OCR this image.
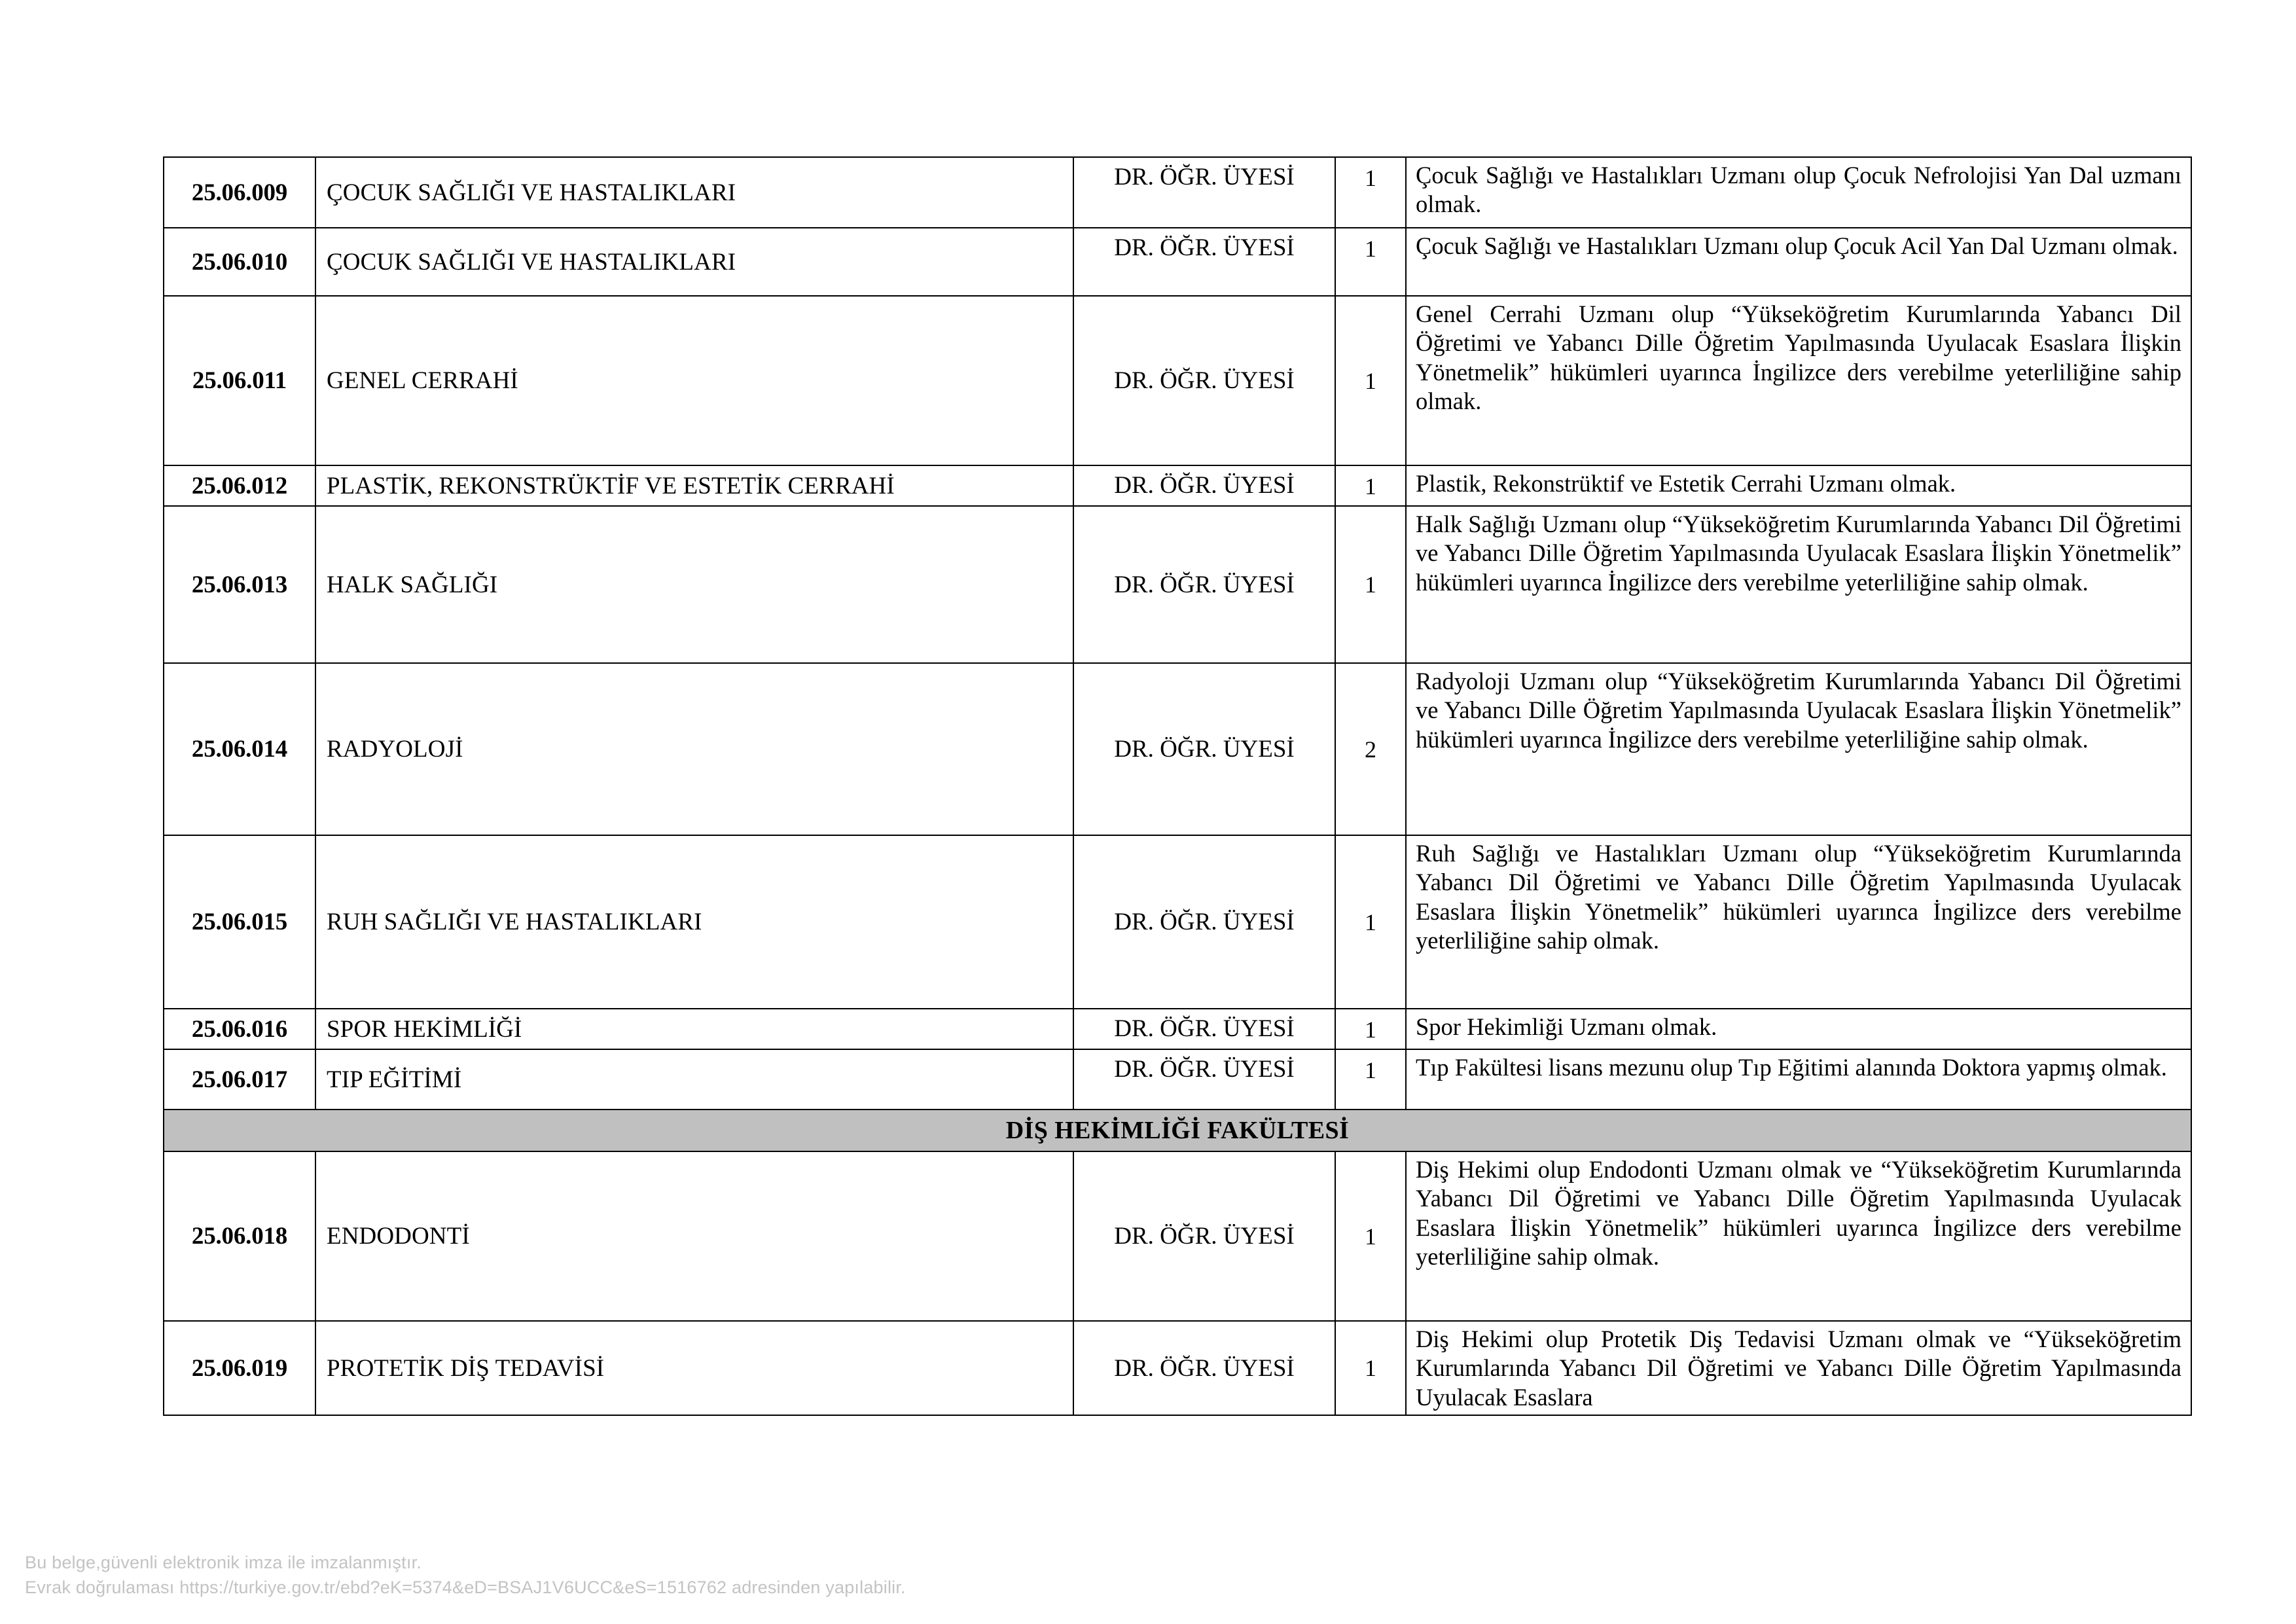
25.06.009	ÇOCUK SAĞLIĞI VE HASTALIKLARI	DR. ÖĞR. ÜYESİ	1	Çocuk Sağlığı ve Hastalıkları Uzmanı olup Çocuk Nefrolojisi Yan Dal uzmanı olmak.
25.06.010	ÇOCUK SAĞLIĞI VE HASTALIKLARI	DR. ÖĞR. ÜYESİ	1	Çocuk Sağlığı ve Hastalıkları Uzmanı olup Çocuk Acil Yan Dal Uzmanı olmak.
25.06.011	GENEL CERRAHİ	DR. ÖĞR. ÜYESİ	1	Genel Cerrahi Uzmanı olup “Yükseköğretim Kurumlarında Yabancı Dil Öğretimi ve Yabancı Dille Öğretim Yapılmasında Uyulacak Esaslara İlişkin Yönetmelik” hükümleri uyarınca İngilizce ders verebilme yeterliliğine sahip olmak.
25.06.012	PLASTİK, REKONSTRÜKTİF VE ESTETİK CERRAHİ	DR. ÖĞR. ÜYESİ	1	Plastik, Rekonstrüktif ve Estetik Cerrahi Uzmanı olmak.
25.06.013	HALK SAĞLIĞI	DR. ÖĞR. ÜYESİ	1	Halk Sağlığı Uzmanı olup “Yükseköğretim Kurumlarında Yabancı Dil Öğretimi ve Yabancı Dille Öğretim Yapılmasında Uyulacak Esaslara İlişkin Yönetmelik” hükümleri uyarınca İngilizce ders verebilme yeterliliğine sahip olmak.
25.06.014	RADYOLOJİ	DR. ÖĞR. ÜYESİ	2	Radyoloji Uzmanı olup “Yükseköğretim Kurumlarında Yabancı Dil Öğretimi ve Yabancı Dille Öğretim Yapılmasında Uyulacak Esaslara İlişkin Yönetmelik” hükümleri uyarınca İngilizce ders verebilme yeterliliğine sahip olmak.
25.06.015	RUH SAĞLIĞI VE HASTALIKLARI	DR. ÖĞR. ÜYESİ	1	Ruh Sağlığı ve Hastalıkları Uzmanı olup “Yükseköğretim Kurumlarında Yabancı Dil Öğretimi ve Yabancı Dille Öğretim Yapılmasında Uyulacak Esaslara İlişkin Yönetmelik” hükümleri uyarınca İngilizce ders verebilme yeterliliğine sahip olmak.
25.06.016	SPOR HEKİMLİĞİ	DR. ÖĞR. ÜYESİ	1	Spor Hekimliği Uzmanı olmak.
25.06.017	TIP EĞİTİMİ	DR. ÖĞR. ÜYESİ	1	Tıp Fakültesi lisans mezunu olup Tıp Eğitimi alanında Doktora yapmış olmak.
DİŞ HEKİMLİĞİ FAKÜLTESİ				
25.06.018	ENDODONTİ	DR. ÖĞR. ÜYESİ	1	Diş Hekimi olup Endodonti Uzmanı olmak ve “Yükseköğretim Kurumlarında Yabancı Dil Öğretimi ve Yabancı Dille Öğretim Yapılmasında Uyulacak Esaslara İlişkin Yönetmelik” hükümleri uyarınca İngilizce ders verebilme yeterliliğine sahip olmak.
25.06.019	PROTETİK DİŞ TEDAVİSİ	DR. ÖĞR. ÜYESİ	1	Diş Hekimi olup Protetik Diş Tedavisi Uzmanı olmak ve “Yükseköğretim Kurumlarında Yabancı Dil Öğretimi ve Yabancı Dille Öğretim Yapılmasında Uyulacak Esaslara
Bu belge,güvenli elektronik imza ile imzalanmıştır.
Evrak doğrulaması https://turkiye.gov.tr/ebd?eK=5374&eD=BSAJ1V6UCC&eS=1516762 adresinden yapılabilir.
